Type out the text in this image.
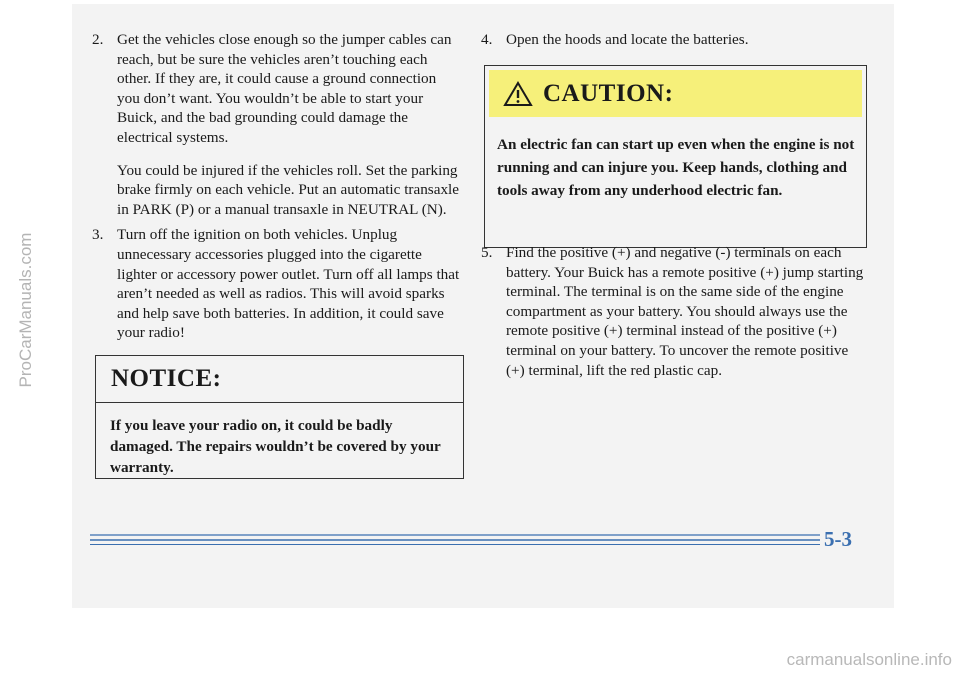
2. Get the vehicles close enough so the jumper cables can reach, but be sure the vehicles aren’t touching each other. If they are, it could cause a ground connection you don’t want. You wouldn’t be able to start your Buick, and the bad grounding could damage the electrical systems.
You could be injured if the vehicles roll. Set the parking brake firmly on each vehicle. Put an automatic transaxle in PARK (P) or a manual transaxle in NEUTRAL (N).
3. Turn off the ignition on both vehicles. Unplug unnecessary accessories plugged into the cigarette lighter or accessory power outlet. Turn off all lamps that aren’t needed as well as radios. This will avoid sparks and help save both batteries. In addition, it could save your radio!
NOTICE:
If you leave your radio on, it could be badly damaged. The repairs wouldn’t be covered by your warranty.
4. Open the hoods and locate the batteries.
CAUTION:
An electric fan can start up even when the engine is not running and can injure you. Keep hands, clothing and tools away from any underhood electric fan.
5. Find the positive (+) and negative (-) terminals on each battery. Your Buick has a remote positive (+) jump starting terminal. The terminal is on the same side of the engine compartment as your battery. You should always use the remote positive (+) terminal instead of the positive (+) terminal on your battery. To uncover the remote positive (+) terminal, lift the red plastic cap.
5-3
ProCarManuals.com
carmanualsonline.info
